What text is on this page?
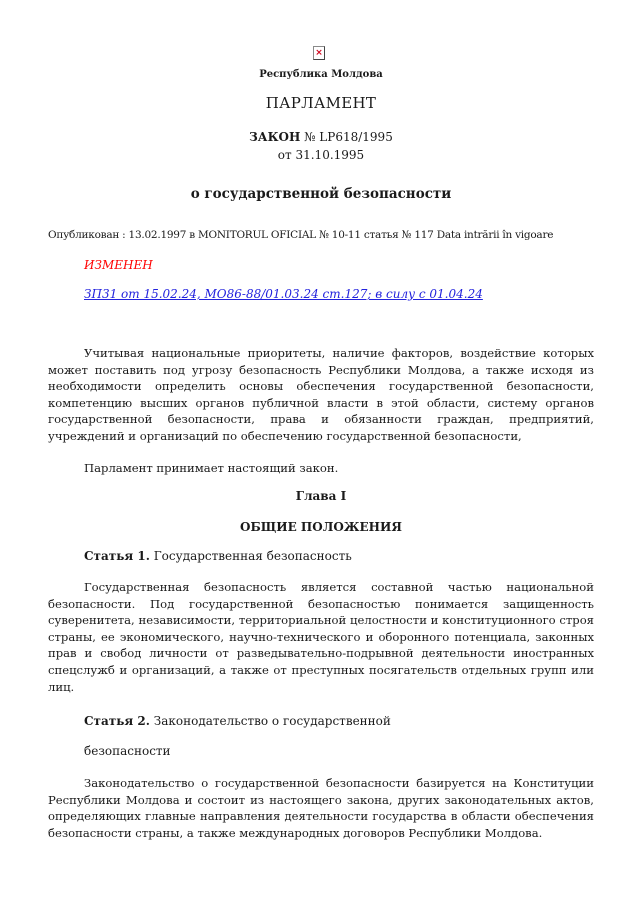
×
Республика Молдова
ПАРЛАМЕНТ
ЗАКОН № LP618/1995
от 31.10.1995
о государственной безопасности
Опубликован : 13.02.1997 в MONITORUL OFICIAL № 10-11 статья № 117 Data intrării în vigoare
ИЗМЕНЕН
ЗП31 от 15.02.24, МО86-88/01.03.24 ст.127; в силу с 01.04.24
Учитывая национальные приоритеты, наличие факторов, воздействие которых может поставить под угрозу безопасность Республики Молдова, а также исходя из необходимости определить основы обеспечения государственной безопасности, компетенцию высших органов публичной власти в этой области, систему органов государственной безопасности, права и обязанности граждан, предприятий, учреждений и организаций по обеспечению государственной безопасности,
Парламент принимает настоящий закон.
Глава I
ОБЩИЕ ПОЛОЖЕНИЯ
Статья 1. Государственная безопасность
Государственная безопасность является составной частью национальной безопасности. Под государственной безопасностью понимается защищенность суверенитета, независимости, территориальной целостности и конституционного строя страны, ее экономического, научно-технического и оборонного потенциала, законных прав и свобод личности от разведывательно-подрывной деятельности иностранных спецслужб и организаций, а также от преступных посягательств отдельных групп или лиц.
Статья 2. Законодательство о государственной
безопасности
Законодательство о государственной безопасности базируется на Конституции Республики Молдова и состоит из настоящего закона, других законодательных актов, определяющих главные направления деятельности государства в области обеспечения безопасности страны, а также международных договоров Республики Молдова.
